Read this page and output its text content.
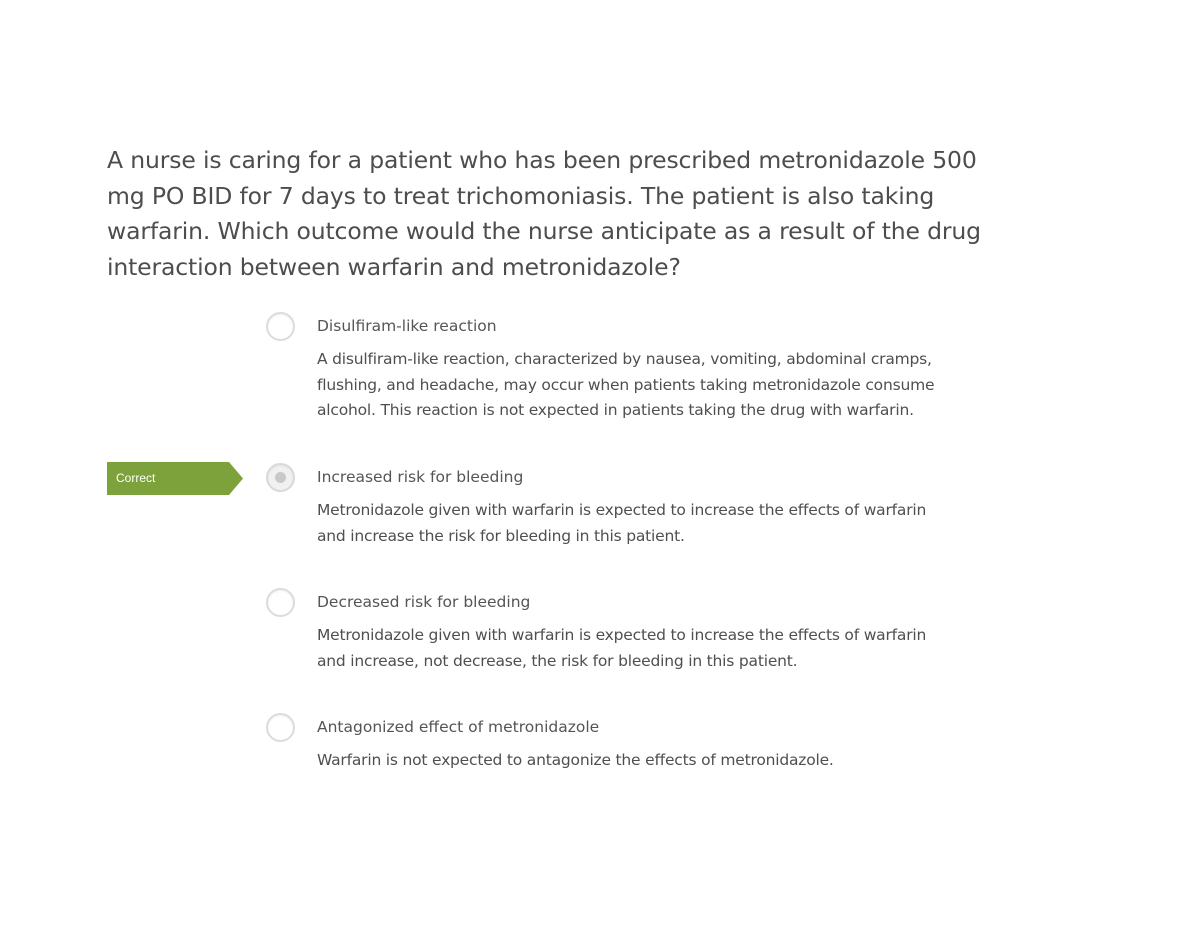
A nurse is caring for a patient who has been prescribed metronidazole 500 mg PO BID for 7 days to treat trichomoniasis. The patient is also taking warfarin. Which outcome would the nurse anticipate as a result of the drug interaction between warfarin and metronidazole?

Disulfiram-like reaction
A disulfiram-like reaction, characterized by nausea, vomiting, abdominal cramps, flushing, and headache, may occur when patients taking metronidazole consume alcohol. This reaction is not expected in patients taking the drug with warfarin.
Correct	Increased risk for bleeding
Metronidazole given with warfarin is expected to increase the effects of warfarin and increase the risk for bleeding in this patient.
Decreased risk for bleeding
Metronidazole given with warfarin is expected to increase the effects of warfarin and increase, not decrease, the risk for bleeding in this patient.
Antagonized effect of metronidazole
Warfarin is not expected to antagonize the effects of metronidazole.
